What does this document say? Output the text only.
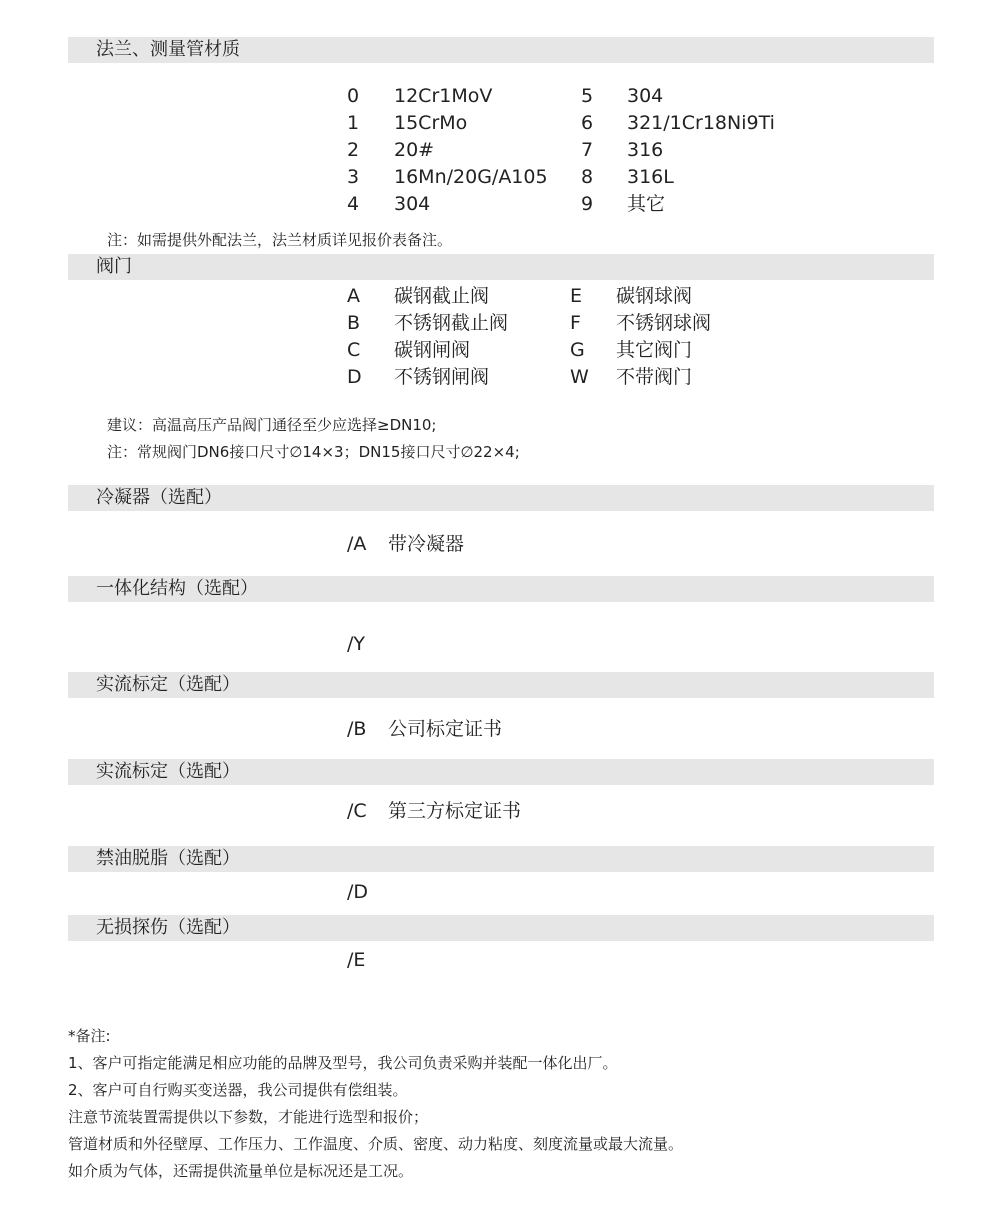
法兰、测量管材质
0 12Cr1MoV
1 15CrMo
2 20#
3 16Mn/20G/A105
4 304
5 304
6 321/1Cr18Ni9Ti
7 316
8 316L
9 其它
注：如需提供外配法兰，法兰材质详见报价表备注。
阀门
A 碳钢截止阀
B 不锈钢截止阀
C 碳钢闸阀
D 不锈钢闸阀
E 碳钢球阀
F 不锈钢球阀
G 其它阀门
W 不带阀门
建议：高温高压产品阀门通径至少应选择≥DN10;
注：常规阀门DN6接口尺寸∅14×3；DN15接口尺寸∅22×4;
冷凝器（选配）
/A 带冷凝器
一体化结构（选配）
/Y
实流标定（选配）
/B 公司标定证书
实流标定（选配）
/C 第三方标定证书
禁油脱脂（选配）
/D
无损探伤（选配）
/E
*备注:
1、客户可指定能满足相应功能的品牌及型号，我公司负责采购并装配一体化出厂。
2、客户可自行购买变送器，我公司提供有偿组装。
注意节流装置需提供以下参数，才能进行选型和报价；
管道材质和外径壁厚、工作压力、工作温度、介质、密度、动力粘度、刻度流量或最大流量。
如介质为气体，还需提供流量单位是标况还是工况。
